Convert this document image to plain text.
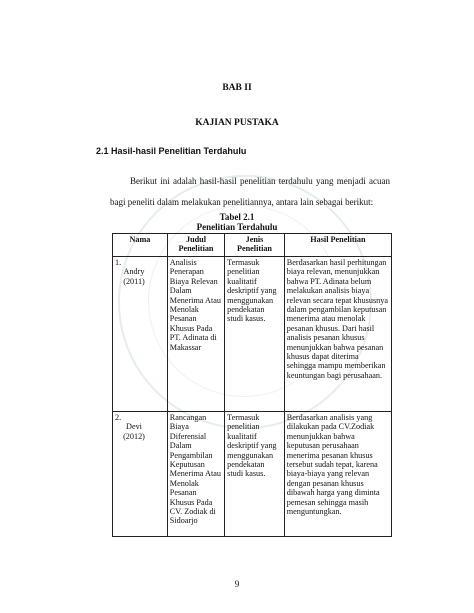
BAB II
KAJIAN PUSTAKA
2.1 Hasil-hasil Penelitian Terdahulu
Berikut ini adalah hasil-hasil penelitian terdahulu yang menjadi acuan
bagi peneliti dalam melakukan penelitiannya, antara lain sebagai berikut:
Tabel 2.1
Penelitian Terdahulu
Nama	Judul Penelitian	Jenis Penelitian	Hasil Penelitian
1.Andry (2011)	Analisis Penerapan Biaya Relevan Dalam Menerima Atau Menolak Pesanan Khusus Pada PT. Adinata di Makassar	Termasuk penelitian kualitatif deskriptif yang menggunakan pendekatan studi kasus.	Berdasarkan hasil perhitungan biaya relevan, menunjukkan bahwa PT. Adinata belum melakukan analisis biaya relevan secara tepat khususnya dalam pengambilan keputusan menerima atau menolak pesanan khusus. Dari hasil analisis pesanan khusus menunjukkan bahwa pesanan khusus dapat diterima sehingga mampu memberikan keuntungan bagi perusahaan.
2.Devi (2012)	Rancangan Biaya Diferensial Dalam Pengambilan Keputusan Menerima Atau Menolak Pesanan Khusus Pada CV. Zodiak di Sidoarjo	Termasuk penelitian kualitatif deskriptif yang menggunakan pendekatan studi kasus.	Berdasarkan analisis yang dilakukan pada CV.Zodiak menunjukkan bahwa keputusan perusahaan menerima pesanan khusus tersebut sudah tepat, karena biaya-biaya yang relevan dengan pesanan khusus dibawah harga yang diminta pemesan sehingga masih menguntungkan.
9
